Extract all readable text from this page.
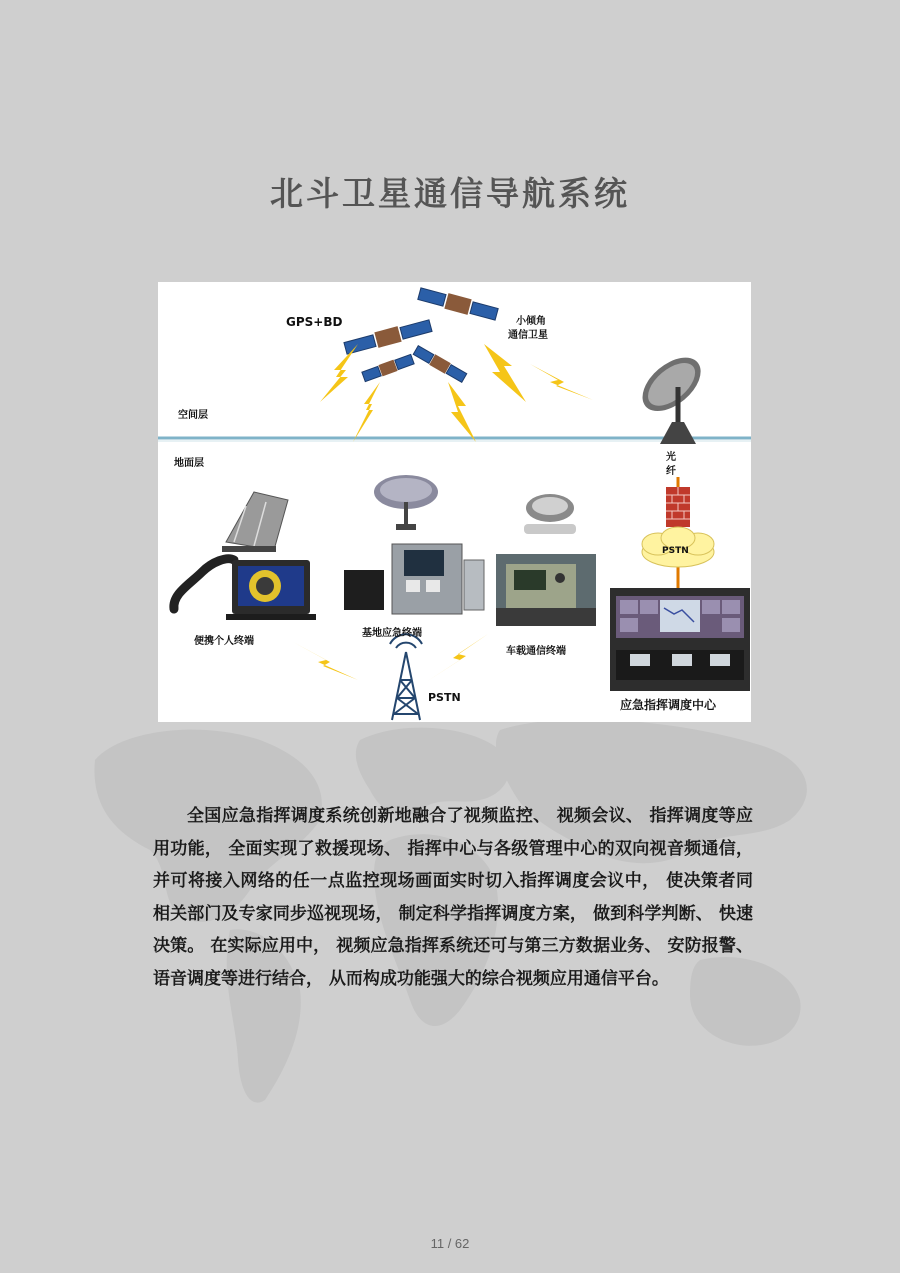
北斗卫星通信导航系统
GPS+BD	小倾角
通信卫星
空间层
地面层
光
纤
PSTN
便携个人终端
基地应急终端
车载通信终端
PSTN
应急指挥调度中心
全国应急指挥调度系统创新地融合了视频监控、 视频会议、 指挥调度等应用功能， 全面实现了救援现场、 指挥中心与各级管理中心的双向视音频通信， 并可将接入网络的任一点监控现场画面实时切入指挥调度会议中， 使决策者同相关部门及专家同步巡视现场， 制定科学指挥调度方案， 做到科学判断、 快速决策。 在实际应用中， 视频应急指挥系统还可与第三方数据业务、 安防报警、 语音调度等进行结合， 从而构成功能强大的综合视频应用通信平台。
11 / 62
